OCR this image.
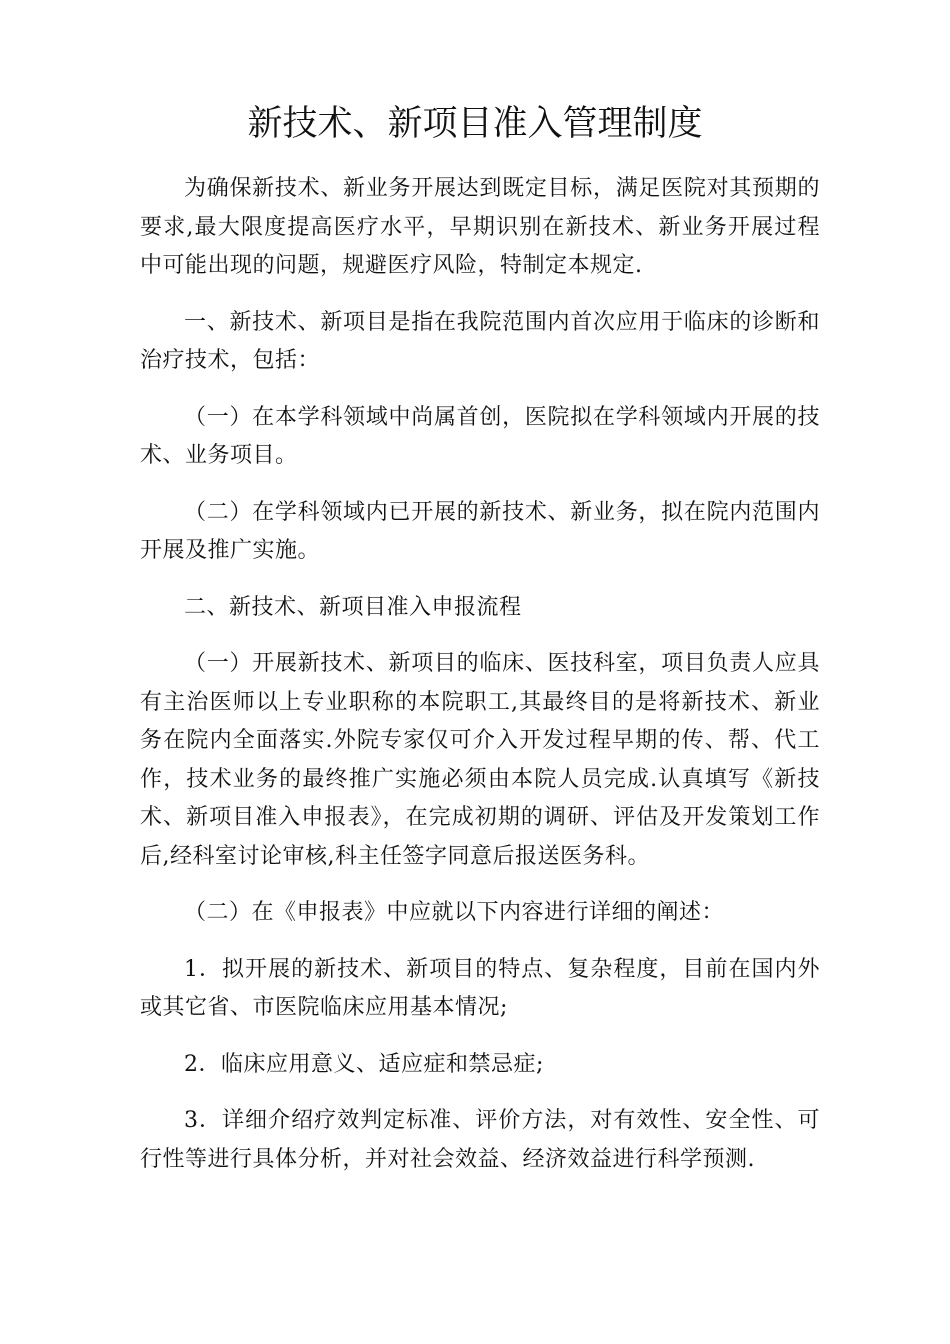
新技术、新项目准入管理制度

为确保新技术、新业务开展达到既定目标，满足医院对其预期的要求,最大限度提高医疗水平，早期识别在新技术、新业务开展过程中可能出现的问题，规避医疗风险，特制定本规定.

一、新技术、新项目是指在我院范围内首次应用于临床的诊断和治疗技术，包括：

（一）在本学科领域中尚属首创，医院拟在学科领域内开展的技术、业务项目。

（二）在学科领域内已开展的新技术、新业务，拟在院内范围内开展及推广实施。

二、新技术、新项目准入申报流程

（一）开展新技术、新项目的临床、医技科室，项目负责人应具有主治医师以上专业职称的本院职工,其最终目的是将新技术、新业务在院内全面落实.外院专家仅可介入开发过程早期的传、帮、代工作，技术业务的最终推广实施必须由本院人员完成.认真填写《新技术、新项目准入申报表》，在完成初期的调研、评估及开发策划工作后,经科室讨论审核,科主任签字同意后报送医务科。

（二）在《申报表》中应就以下内容进行详细的阐述：

1．拟开展的新技术、新项目的特点、复杂程度，目前在国内外或其它省、市医院临床应用基本情况;

2．临床应用意义、适应症和禁忌症;

3．详细介绍疗效判定标准、评价方法，对有效性、安全性、可行性等进行具体分析，并对社会效益、经济效益进行科学预测.
